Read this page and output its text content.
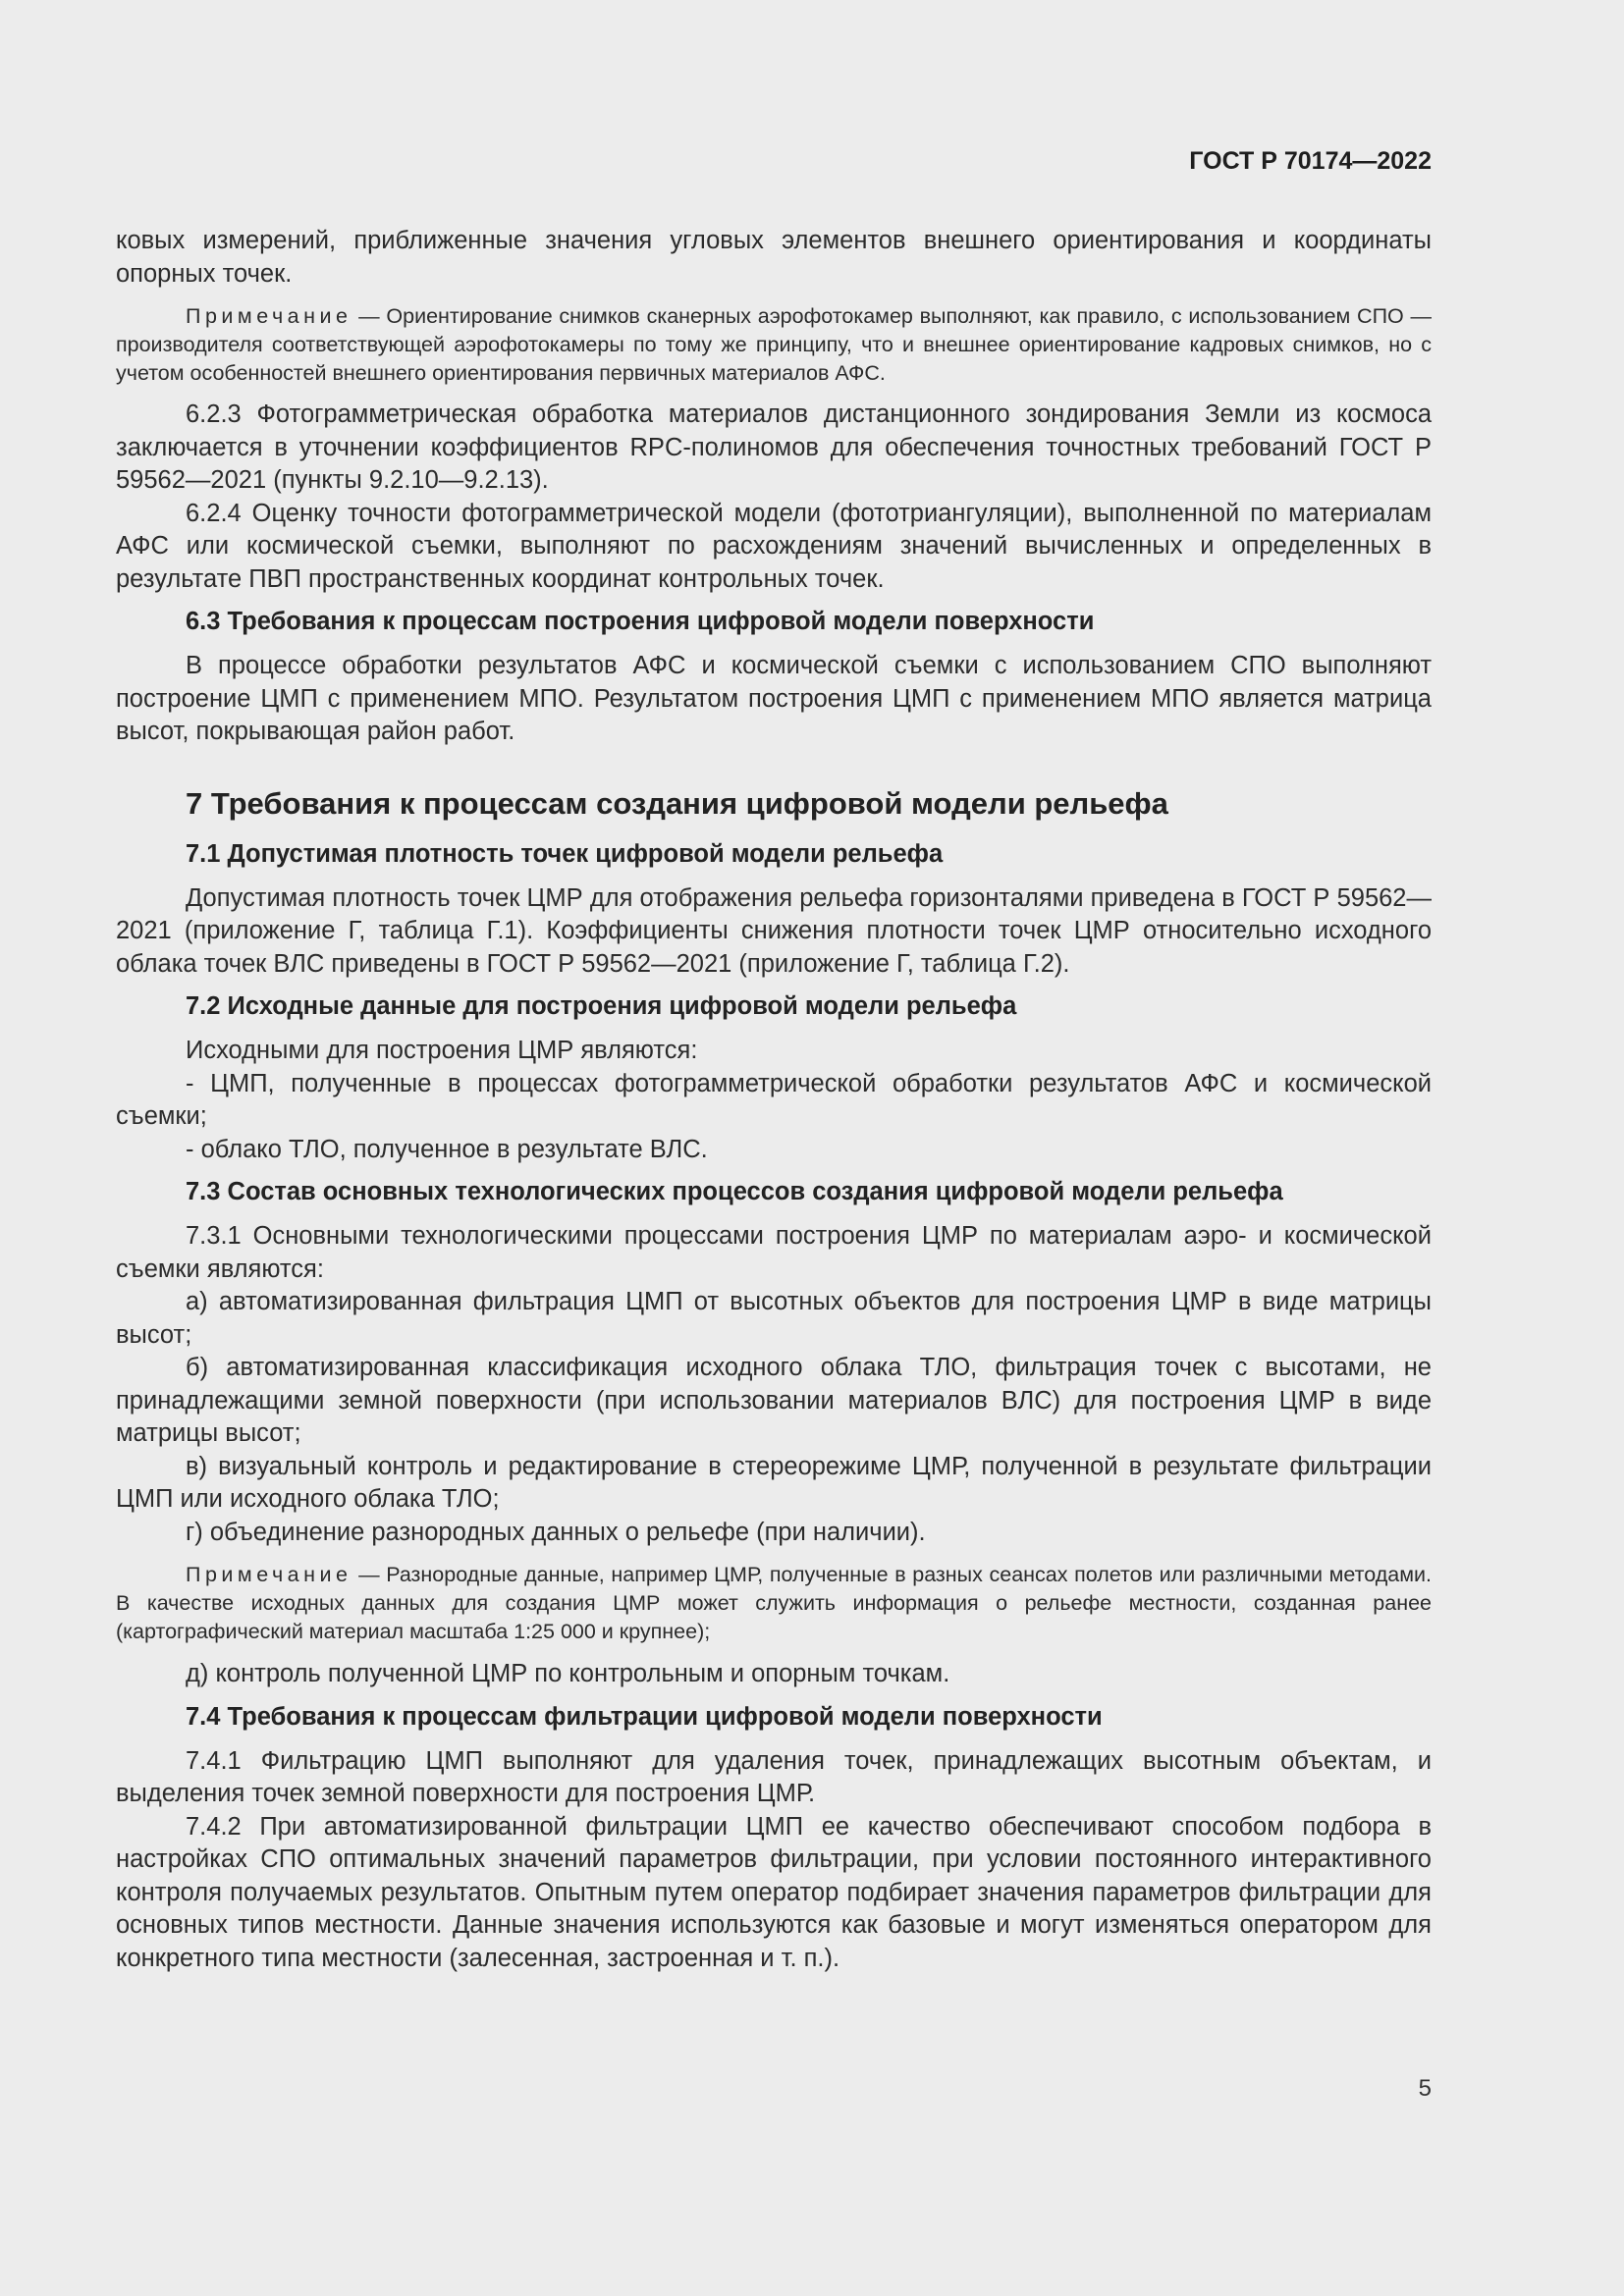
ГОСТ Р 70174—2022

ковых измерений, приближенные значения угловых элементов внешнего ориентирования и координаты опорных точек.

Примечание — Ориентирование снимков сканерных аэрофотокамер выполняют, как правило, с использованием СПО — производителя соответствующей аэрофотокамеры по тому же принципу, что и внешнее ориентирование кадровых снимков, но с учетом особенностей внешнего ориентирования первичных материалов АФС.

6.2.3 Фотограмметрическая обработка материалов дистанционного зондирования Земли из космоса заключается в уточнении коэффициентов RPC-полиномов для обеспечения точностных требований ГОСТ Р 59562—2021 (пункты 9.2.10—9.2.13).

6.2.4 Оценку точности фотограмметрической модели (фототриангуляции), выполненной по материалам АФС или космической съемки, выполняют по расхождениям значений вычисленных и определенных в результате ПВП пространственных координат контрольных точек.

6.3 Требования к процессам построения цифровой модели поверхности

В процессе обработки результатов АФС и космической съемки с использованием СПО выполняют построение ЦМП с применением МПО. Результатом построения ЦМП с применением МПО является матрица высот, покрывающая район работ.

7 Требования к процессам создания цифровой модели рельефа
7.1 Допустимая плотность точек цифровой модели рельефа

Допустимая плотность точек ЦМР для отображения рельефа горизонталями приведена в ГОСТ Р 59562—2021 (приложение Г, таблица Г.1). Коэффициенты снижения плотности точек ЦМР относительно исходного облака точек ВЛС приведены в ГОСТ Р 59562—2021 (приложение Г, таблица Г.2).

7.2 Исходные данные для построения цифровой модели рельефа

Исходными для построения ЦМР являются:

- ЦМП, полученные в процессах фотограмметрической обработки результатов АФС и космической съемки;

- облако ТЛО, полученное в результате ВЛС.

7.3 Состав основных технологических процессов создания цифровой модели рельефа

7.3.1 Основными технологическими процессами построения ЦМР по материалам аэро- и космической съемки являются:

а) автоматизированная фильтрация ЦМП от высотных объектов для построения ЦМР в виде матрицы высот;

б) автоматизированная классификация исходного облака ТЛО, фильтрация точек с высотами, не принадлежащими земной поверхности (при использовании материалов ВЛС) для построения ЦМР в виде матрицы высот;

в) визуальный контроль и редактирование в стереорежиме ЦМР, полученной в результате фильтрации ЦМП или исходного облака ТЛО;

г) объединение разнородных данных о рельефе (при наличии).

Примечание — Разнородные данные, например ЦМР, полученные в разных сеансах полетов или различными методами. В качестве исходных данных для создания ЦМР может служить информация о рельефе местности, созданная ранее (картографический материал масштаба 1:25 000 и крупнее);

д) контроль полученной ЦМР по контрольным и опорным точкам.

7.4 Требования к процессам фильтрации цифровой модели поверхности

7.4.1 Фильтрацию ЦМП выполняют для удаления точек, принадлежащих высотным объектам, и выделения точек земной поверхности для построения ЦМР.

7.4.2 При автоматизированной фильтрации ЦМП ее качество обеспечивают способом подбора в настройках СПО оптимальных значений параметров фильтрации, при условии постоянного интерактивного контроля получаемых результатов. Опытным путем оператор подбирает значения параметров фильтрации для основных типов местности. Данные значения используются как базовые и могут изменяться оператором для конкретного типа местности (залесенная, застроенная и т. п.).

5
